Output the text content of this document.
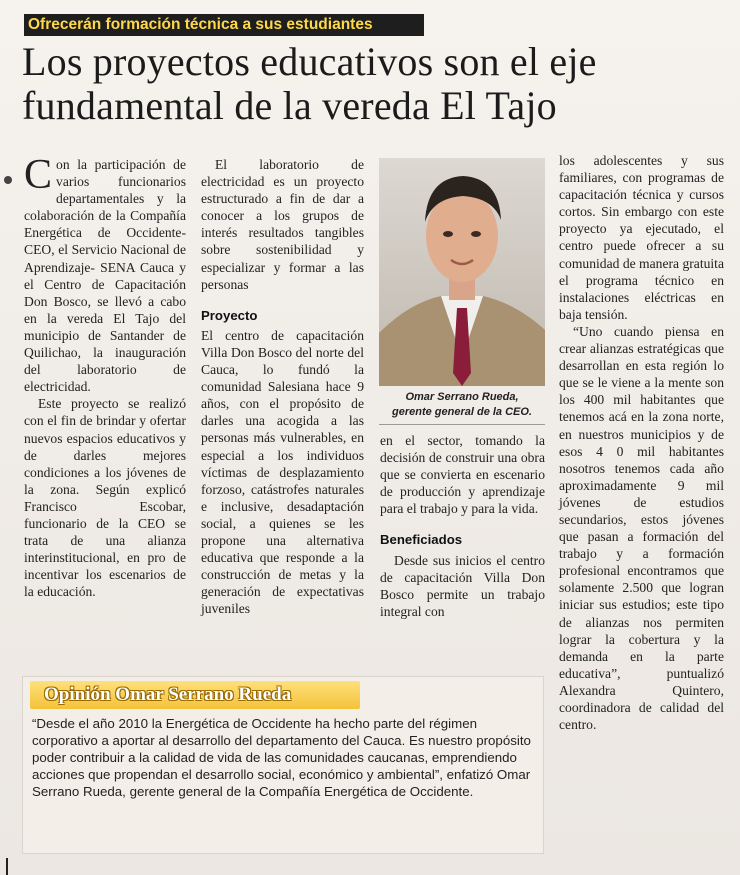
Ofrecerán formación técnica a sus estudiantes
Los proyectos educativos son el eje
fundamental de la vereda El Tajo

Con la participación de varios funcionarios departamentales y la colaboración de la Compañía Energética de Occidente- CEO, el Servicio Nacional de Aprendizaje- SENA Cauca y el Centro de Capacitación Don Bosco, se llevó a cabo en la vereda El Tajo del municipio de Santander de Quilichao, la inauguración del laboratorio de electricidad.

Este proyecto se realizó con el fin de brindar y ofertar nuevos espacios educativos y de darles mejores condiciones a los jóvenes de la zona. Según explicó Francisco Escobar, funcionario de la CEO se trata de una alianza interinstitucional, en pro de incentivar los escenarios de la educación.

El laboratorio de electricidad es un proyecto estructurado a fin de dar a conocer a los grupos de interés resultados tangibles sobre sostenibilidad y especializar y formar a las personas

Proyecto

El centro de capacitación Villa Don Bosco del norte del Cauca, lo fundó la comunidad Salesiana hace 9 años, con el propósito de darles una acogida a las personas más vulnerables, en especial a los individuos víctimas de desplazamiento forzoso, catástrofes naturales e inclusive, desadaptación social, a quienes se les propone una alternativa educativa que responde a la construcción de metas y la generación de expectativas juveniles

Omar Serrano Rueda,
gerente general de la CEO.

en el sector, tomando la decisión de construir una obra que se convierta en escenario de producción y aprendizaje para el trabajo y para la vida.

Beneficiados

Desde sus inicios el centro de capacitación Villa Don Bosco permite un trabajo integral con

los adolescentes y sus familiares, con programas de capacitación técnica y cursos cortos. Sin embargo con este proyecto ya ejecutado, el centro puede ofrecer a su comunidad de manera gratuita el programa técnico en instalaciones eléctricas en baja tensión.

“Uno cuando piensa en crear alianzas estratégicas que desarrollan en esta región lo que se le viene a la mente son los 400 mil habitantes que tenemos acá en la zona norte, en nuestros municipios y de esos 4 0 mil habitantes nosotros tenemos cada año aproximadamente 9 mil jóvenes de estudios secundarios, estos jóvenes que pasan a formación del trabajo y a formación profesional encontramos que solamente 2.500 que logran iniciar sus estudios; este tipo de alianzas nos permiten lograr la cobertura y la demanda en la parte educativa”, puntualizó Alexandra Quintero, coordinadora de calidad del centro.

Opinión Omar Serrano Rueda
“Desde el año 2010 la Energética de Occidente ha hecho parte del régimen corporativo a aportar al desarrollo del departamento del Cauca. Es nuestro propósito poder contribuir a la calidad de vida de las comunidades caucanas, emprendiendo acciones que propendan el desarrollo social, económico y ambiental”, enfatizó Omar Serrano Rueda, gerente general de la Compañía Energética de Occidente.
